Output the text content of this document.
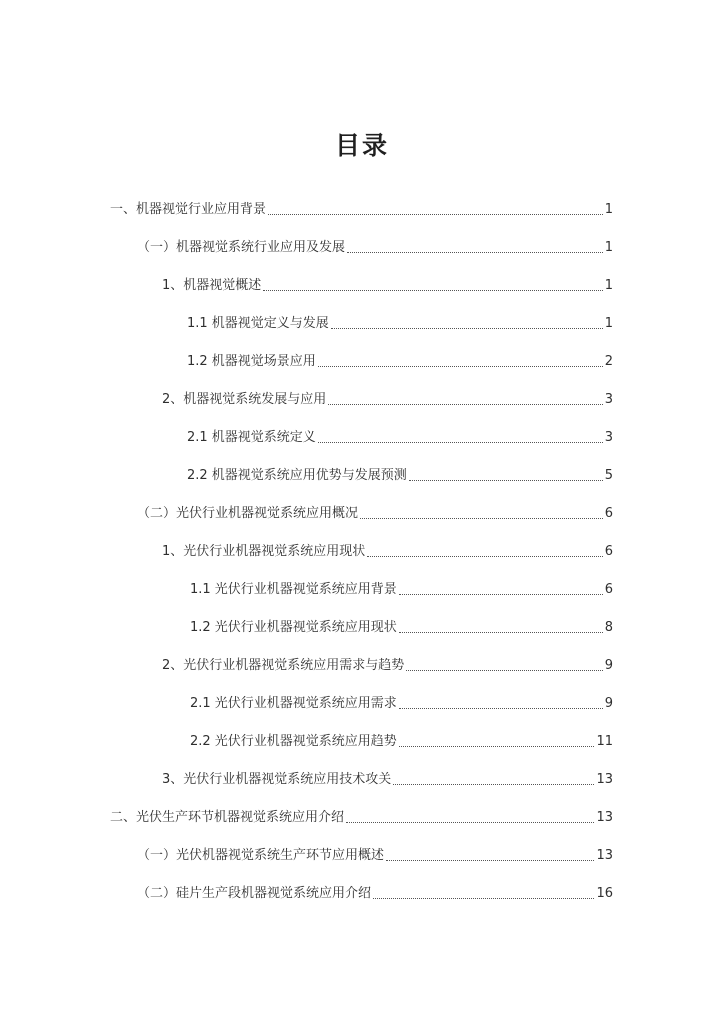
目录
一、机器视觉行业应用背景	1
（一）机器视觉系统行业应用及发展	1
1、机器视觉概述	1
1.1 机器视觉定义与发展	1
1.2 机器视觉场景应用	2
2、机器视觉系统发展与应用	3
2.1 机器视觉系统定义	3
2.2 机器视觉系统应用优势与发展预测	5
（二）光伏行业机器视觉系统应用概况	6
1、光伏行业机器视觉系统应用现状	6
1.1 光伏行业机器视觉系统应用背景	6
1.2 光伏行业机器视觉系统应用现状	8
2、光伏行业机器视觉系统应用需求与趋势	9
2.1 光伏行业机器视觉系统应用需求	9
2.2 光伏行业机器视觉系统应用趋势	11
3、光伏行业机器视觉系统应用技术攻关	13
二、光伏生产环节机器视觉系统应用介绍	13
（一）光伏机器视觉系统生产环节应用概述	13
（二）硅片生产段机器视觉系统应用介绍	16
